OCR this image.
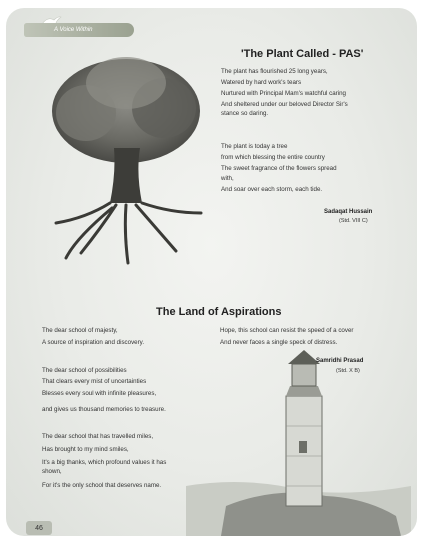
A Voice Within
'The Plant Called - PAS'
The plant has flourished 25 long years,
Watered by hard work's tears
Nurtured with Principal Mam's watchful caring
And sheltered under our beloved Director Sir's
stance so daring.
The plant is today a tree
from which blessing the entire country
The sweet fragrance of the flowers spread
with,
And soar over each storm, each tide.
Sadaqat Hussain
(Std. VIII C)
The Land of Aspirations
The dear school of majesty,
A source of inspiration and discovery.
The dear school of possibilities
That clears every mist of uncertainties
Blesses every soul with infinite pleasures,
and gives us thousand memories to treasure.
The dear school that has travelled miles,
Has brought to my mind smiles,
It's a big thanks, which profound values it has
shown,
For it's the only school that deserves name.
Hope, this school can resist the speed of a cover
And never faces a single speck of distress.
Samridhi Prasad
(Std. X B)
46
